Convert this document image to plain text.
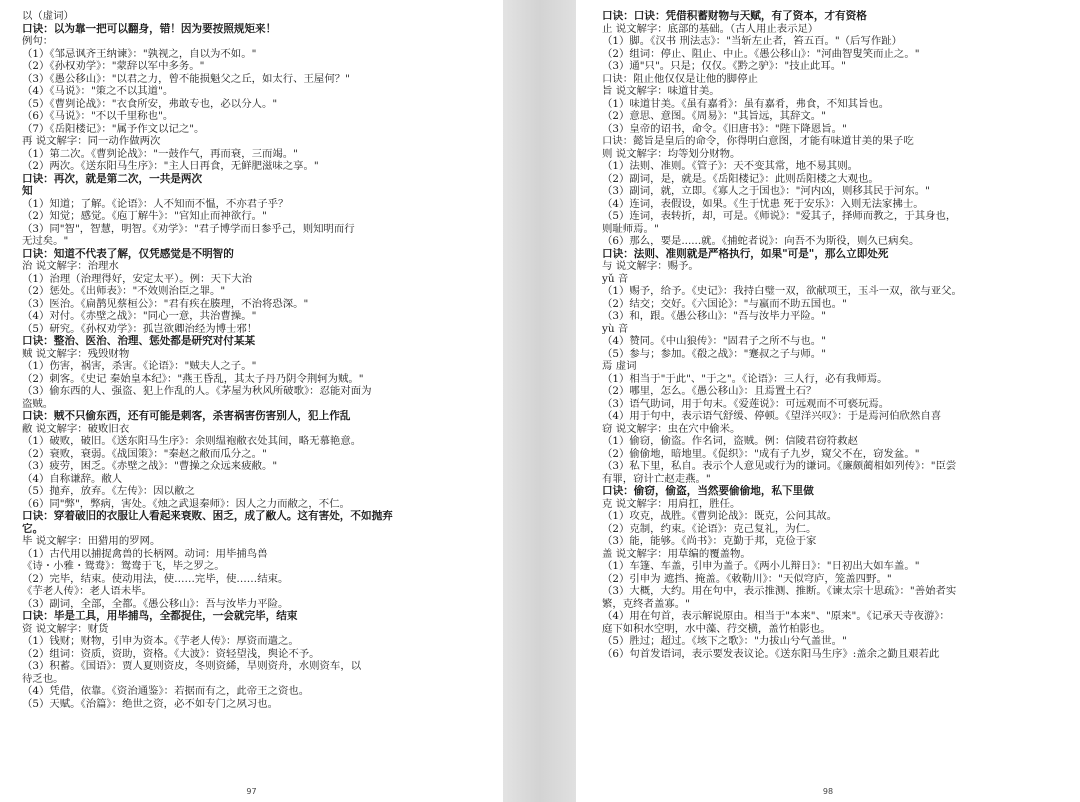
以（虚词）
口诀：以为靠一把可以翻身，错！因为要按照规矩来！
例句：
（1）《邹忌讽齐王纳谏》："孰视之，自以为不如。"
（2）《孙权劝学》："蒙辞以军中多务。"
（3）《愚公移山》："以君之力，曾不能损魁父之丘，如太行、王屋何？"
（4）《马说》："策之不以其道"。
（5）《曹刿论战》："衣食所安，弗敢专也，必以分人。"
（6）《马说》："不以千里称也"。
（7）《岳阳楼记》："属予作文以记之"。
再 说文解字：同一动作做两次
（1）第二次。《曹刿论战》："一鼓作气，再而衰，三而竭。"
（2）两次。《送东阳马生序》："主人日再食，无鲜肥滋味之享。"
口诀：再次，就是第二次，一共是两次
知
（1）知道；了解。《论语》：人不知而不愠，不亦君子乎？
（2）知觉；感觉。《庖丁解牛》："官知止而神欲行。"
（3）同"智"，智慧，明智。《劝学》："君子博学而日参乎己，则知明而行
无过矣。"
口诀：知道不代表了解，仅凭感觉是不明智的
治 说文解字：治理水
（1）治理（治理得好，安定太平）。例：天下大治
（2）惩处。《出师表》："不效则治臣之罪。"
（3）医治。《扁鹊见蔡桓公》："君有疾在腠理，不治将恐深。"
（4）对付。《赤壁之战》："同心一意，共治曹操。"
（5）研究。《孙权劝学》：孤岂欲卿治经为博士邪！
口诀：整治、医治、治理、惩处都是研究对付某某
贼 说文解字：残毁财物
（1）伤害，祸害，杀害。《论语》："贼夫人之子。"
（2）刺客。《史记 秦始皇本纪》："燕王昏乱，其太子丹乃阴令荆轲为贼。"
（3）偷东西的人、强盗、犯上作乱的人。《茅屋为秋风所破歌》：忍能对面为
盗贼。
口诀：贼不只偷东西，还有可能是刺客，杀害祸害伤害别人，犯上作乱
敝 说文解字：破败旧衣
（1）破败，破旧。《送东阳马生序》：余则缊袍敝衣处其间，略无慕艳意。
（2）衰败，衰弱。《战国策》："秦赵之敝而瓜分之。"
（3）疲劳，困乏。《赤壁之战》："曹操之众远来疲敝。"
（4）自称谦辞。敝人
（5）抛弃，放弃。《左传》：因以敝之
（6）同"弊"，弊病，害处。《烛之武退秦师》：因人之力而敝之，不仁。
口诀：穿着破旧的衣服让人看起来衰败、困乏，成了敝人。这有害处，不如抛弃
它。
毕 说文解字：田猎用的罗网。
（1）古代用以捕捉禽兽的长柄网。动词：用毕捕鸟兽
《诗・小雅・鸳鸯》：鸳鸯于飞，毕之罗之。
（2）完毕，结束。使动用法，使……完毕，使……结束。
《芋老人传》：老人语未毕。
（3）副词，全部，全都。《愚公移山》：吾与汝毕力平险。
口诀：毕是工具，用毕捕鸟，全都捉住，一会就完毕，结束
资 说文解字：财货
（1）钱财；财物，引申为资本。《芋老人传》：厚资而遣之。
（2）组词：资质，资助，资格。《大波》：资轻望浅，舆论不予。
（3）积蓄。《国语》：贾人夏则资皮，冬则资絺，旱则资舟，水则资车，以
待乏也。
（4）凭借，依靠。《资治通鉴》：若据而有之，此帝王之资也。
（5）天赋。《治篇》：绝世之资，必不如专门之夙习也。
97
口诀：口诀：凭借积蓄财物与天赋，有了资本，才有资格
止 说文解字：底部的基础。（古人用止表示足）
（1）脚。《汉书 刑法志》："当斩左止者，笞五百。"（后写作趾）
（2）组词：停止、阻止、中止。《愚公移山》："河曲智叟笑而止之。"
（3）通"只"。只是；仅仅。《黔之驴》："技止此耳。"
口诀：阻止他仅仅是让他的脚停止
旨 说文解字：味道甘美。
（1）味道甘美。《虽有嘉肴》：虽有嘉肴，弗食，不知其旨也。
（2）意思、意图。《周易》："其旨远，其辞文。"
（3）皇帝的诏书，命令。《旧唐书》："陛下降恩旨。"
口诀：懿旨是皇后的命令，你得明白意图，才能有味道甘美的果子吃
则 说文解字：均等划分财物。
（1）法则、准则。《管子》：天不变其常，地不易其则。
（2）副词，是，就是。《岳阳楼记》：此则岳阳楼之大观也。
（3）副词，就，立即。《寡人之于国也》："河内凶，则移其民于河东。"
（4）连词，表假设，如果。《生于忧患 死于安乐》：入则无法家拂士。
（5）连词，表转折，却，可是。《师说》："爱其子，择师而教之，于其身也，
则耻师焉。"
（6）那么，要是......就。《捕蛇者说》：向吾不为斯役，则久已病矣。
口诀：法则、准则就是严格执行，如果"可是"，那么立即处死
与 说文解字：赐予。
yǔ 音
（1）赐予，给予。《史记》：我持白璧一双，欲献项王，玉斗一双，欲与亚父。
（2）结交；交好。《六国论》："与嬴而不助五国也。"
（3）和，跟。《愚公移山》："吾与汝毕力平险。"
yù 音
（4）赞同。《中山狼传》："固君子之所不与也。"
（5）参与；参加。《殽之战》："蹇叔之子与师。"
焉 虚词
（1）相当于"于此"、"于之"。《论语》：三人行，必有我师焉。
（2）哪里，怎么。《愚公移山》：且焉置土石？
（3）语气助词，用于句末。《爱莲说》：可远观而不可亵玩焉。
（4）用于句中，表示语气舒缓、停顿。《望洋兴叹》：于是焉河伯欣然自喜
窃 说文解字：虫在穴中偷米。
（1）偷窃，偷盗。作名词，盗贼。例：信陵君窃符救赵
（2）偷偷地，暗地里。《促织》："成有子九岁，窥父不在，窃发盆。"
（3）私下里，私自。表示个人意见或行为的谦词。《廉颇蔺相如列传》："臣尝
有罪，窃计亡赵走燕。"
口诀：偷窃，偷盗，当然要偷偷地，私下里做
克 说文解字：用肩扛，胜任。
（1）攻克，战胜。《曹刿论战》：既克，公问其故。
（2）克制，约束。《论语》：克己复礼，为仁。
（3）能，能够。《尚书》：克勤于邦，克俭于家
盖 说文解字：用草编的覆盖物。
（1）车篷、车盖，引申为盖子。《两小儿辩日》："日初出大如车盖。"
（2）引申为 遮挡、掩盖。《敕勒川》："天似穹庐，笼盖四野。"
（3）大概，大约。用在句中，表示推测、推断。《谏太宗十思疏》："善始者实
繁，克终者盖寡。"
（4）用在句首，表示解说原由。相当于"本来"、"原来"。《记承天寺夜游》：
庭下如积水空明，水中藻、荇交横，盖竹柏影也。
（5）胜过；超过。《垓下之歌》："力拔山兮气盖世。"
（6）句首发语词，表示要发表议论。《送东阳马生序》:盖余之勤且艰若此
98
